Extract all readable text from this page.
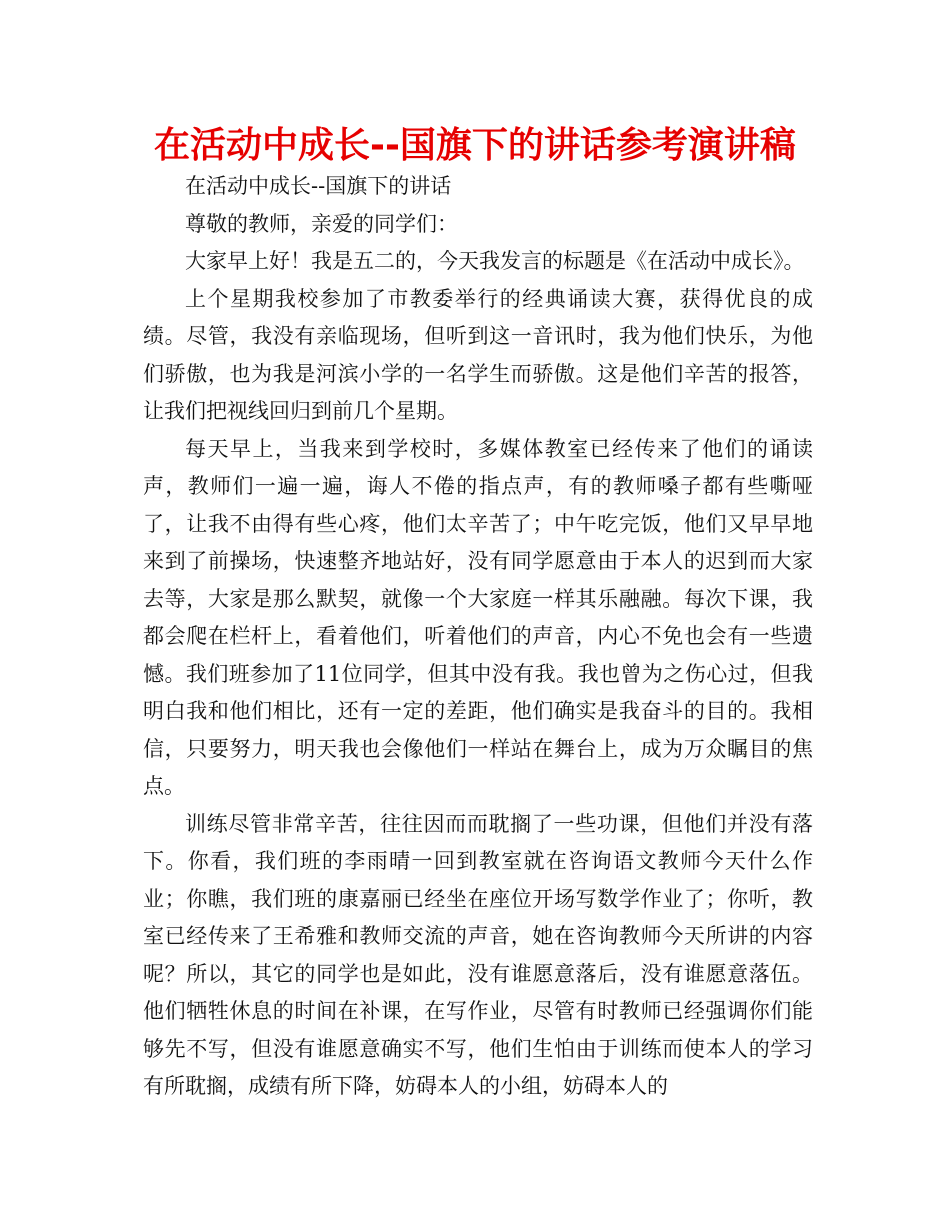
在活动中成长--国旗下的讲话参考演讲稿

在活动中成长--国旗下的讲话

尊敬的教师，亲爱的同学们：

大家早上好！我是五二的，今天我发言的标题是《在活动中成长》。

上个星期我校参加了市教委举行的经典诵读大赛，获得优良的成绩。尽管，我没有亲临现场，但听到这一音讯时，我为他们快乐，为他们骄傲，也为我是河滨小学的一名学生而骄傲。这是他们辛苦的报答，让我们把视线回归到前几个星期。

每天早上，当我来到学校时，多媒体教室已经传来了他们的诵读声，教师们一遍一遍，诲人不倦的指点声，有的教师嗓子都有些嘶哑了，让我不由得有些心疼，他们太辛苦了；中午吃完饭，他们又早早地来到了前操场，快速整齐地站好，没有同学愿意由于本人的迟到而大家去等，大家是那么默契，就像一个大家庭一样其乐融融。每次下课，我都会爬在栏杆上，看着他们，听着他们的声音，内心不免也会有一些遗憾。我们班参加了11位同学，但其中没有我。我也曾为之伤心过，但我明白我和他们相比，还有一定的差距，他们确实是我奋斗的目的。我相信，只要努力，明天我也会像他们一样站在舞台上，成为万众瞩目的焦点。

训练尽管非常辛苦，往往因而而耽搁了一些功课，但他们并没有落下。你看，我们班的李雨晴一回到教室就在咨询语文教师今天什么作业；你瞧，我们班的康嘉丽已经坐在座位开场写数学作业了；你听，教室已经传来了王希雅和教师交流的声音，她在咨询教师今天所讲的内容呢？所以，其它的同学也是如此，没有谁愿意落后，没有谁愿意落伍。他们牺牲休息的时间在补课，在写作业，尽管有时教师已经强调你们能够先不写，但没有谁愿意确实不写，他们生怕由于训练而使本人的学习有所耽搁，成绩有所下降，妨碍本人的小组，妨碍本人的
